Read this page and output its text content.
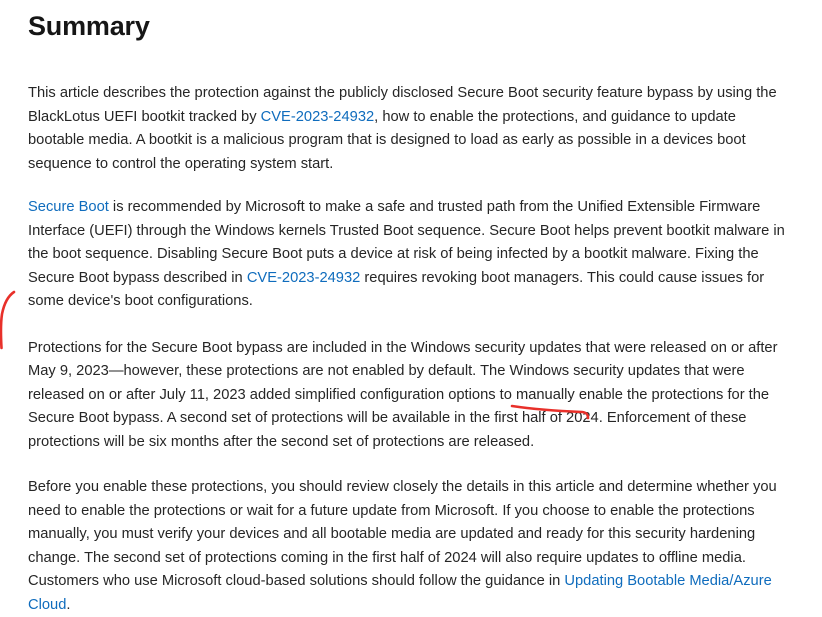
Summary

This article describes the protection against the publicly disclosed Secure Boot security feature bypass by using the BlackLotus UEFI bootkit tracked by CVE-2023-24932, how to enable the protections, and guidance to update bootable media. A bootkit is a malicious program that is designed to load as early as possible in a devices boot sequence to control the operating system start.

Secure Boot is recommended by Microsoft to make a safe and trusted path from the Unified Extensible Firmware Interface (UEFI) through the Windows kernels Trusted Boot sequence. Secure Boot helps prevent bootkit malware in the boot sequence. Disabling Secure Boot puts a device at risk of being infected by a bootkit malware. Fixing the Secure Boot bypass described in CVE-2023-24932 requires revoking boot managers. This could cause issues for some device's boot configurations.

Protections for the Secure Boot bypass are included in the Windows security updates that were released on or after May 9, 2023—however, these protections are not enabled by default. The Windows security updates that were released on or after July 11, 2023 added simplified configuration options to manually enable the protections for the Secure Boot bypass. A second set of protections will be available in the first half of 2024. Enforcement of these protections will be six months after the second set of protections are released.

Before you enable these protections, you should review closely the details in this article and determine whether you need to enable the protections or wait for a future update from Microsoft. If you choose to enable the protections manually, you must verify your devices and all bootable media are updated and ready for this security hardening change. The second set of protections coming in the first half of 2024 will also require updates to offline media. Customers who use Microsoft cloud-based solutions should follow the guidance in Updating Bootable Media/Azure Cloud.
